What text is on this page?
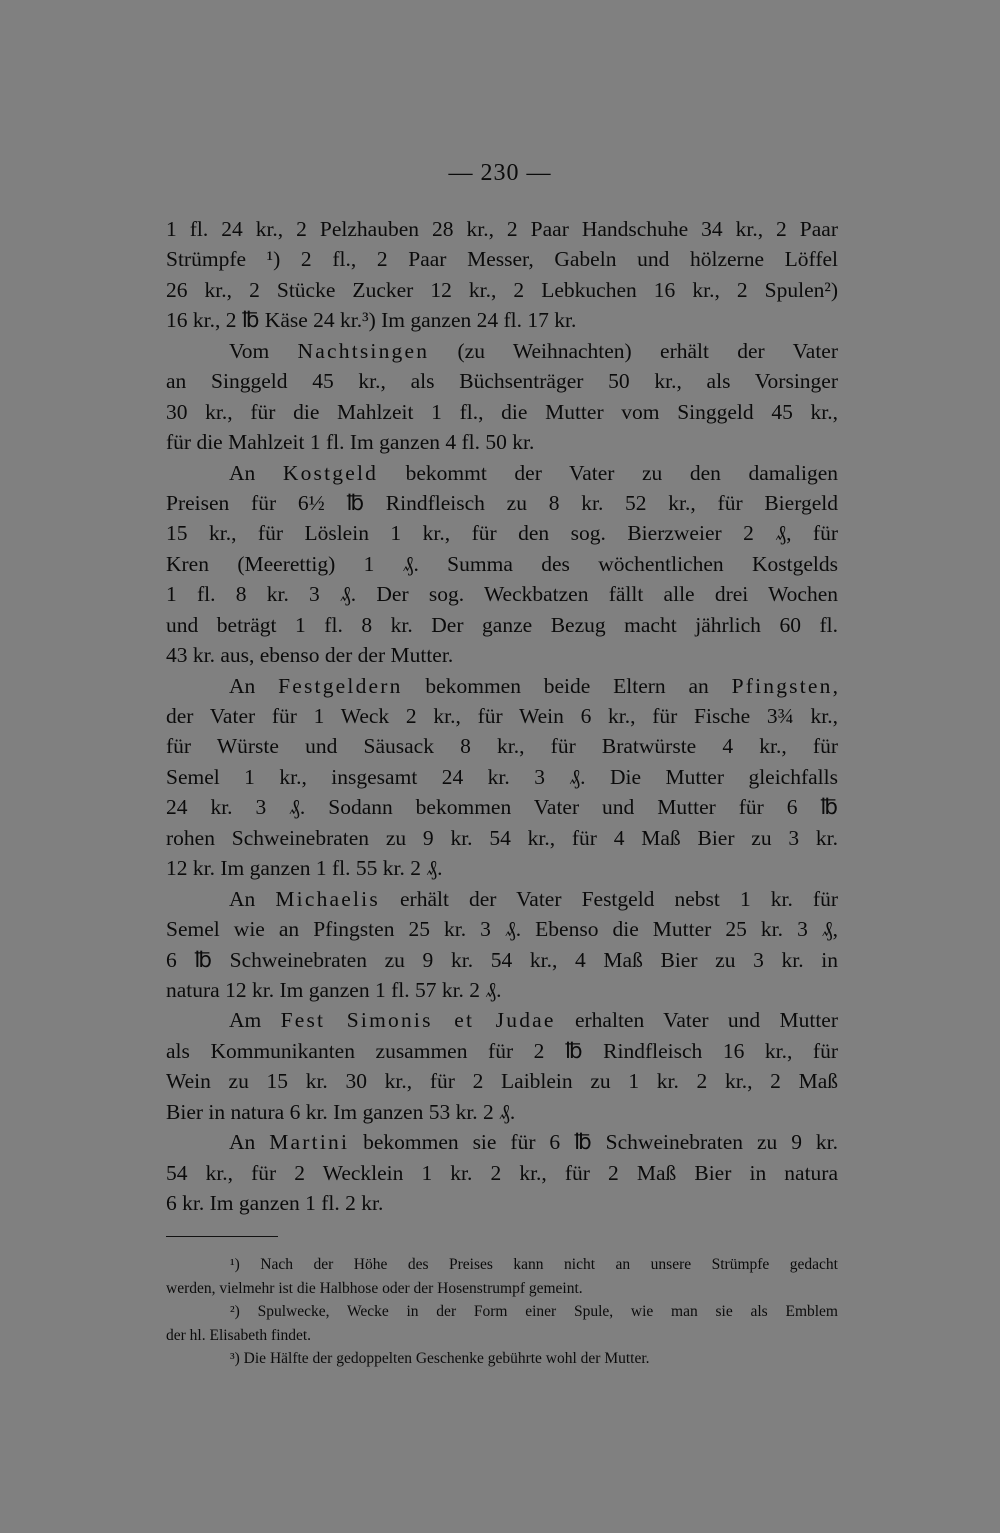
— 230 —
1 fl. 24 kr., 2 Pelzhauben 28 kr., 2 Paar Handschuhe 34 kr., 2 Paar
Strümpfe ¹) 2 fl., 2 Paar Messer, Gabeln und hölzerne Löffel
26 kr., 2 Stücke Zucker 12 kr., 2 Lebkuchen 16 kr., 2 Spulen²)
16 kr., 2 ℔ Käse 24 kr.³) Im ganzen 24 fl. 17 kr.
Vom Nachtsingen (zu Weihnachten) erhält der Vater
an Singgeld 45 kr., als Büchsenträger 50 kr., als Vorsinger
30 kr., für die Mahlzeit 1 fl., die Mutter vom Singgeld 45 kr.,
für die Mahlzeit 1 fl. Im ganzen 4 fl. 50 kr.
An Kostgeld bekommt der Vater zu den damaligen
Preisen für 6½ ℔ Rindfleisch zu 8 kr. 52 kr., für Biergeld
15 kr., für Löslein 1 kr., für den sog. Bierzweier 2 ₰, für
Kren (Meerettig) 1 ₰. Summa des wöchentlichen Kostgelds
1 fl. 8 kr. 3 ₰. Der sog. Weckbatzen fällt alle drei Wochen
und beträgt 1 fl. 8 kr. Der ganze Bezug macht jährlich 60 fl.
43 kr. aus, ebenso der der Mutter.
An Festgeldern bekommen beide Eltern an Pfingsten,
der Vater für 1 Weck 2 kr., für Wein 6 kr., für Fische 3¾ kr.,
für Würste und Säusack 8 kr., für Bratwürste 4 kr., für
Semel 1 kr., insgesamt 24 kr. 3 ₰. Die Mutter gleichfalls
24 kr. 3 ₰. Sodann bekommen Vater und Mutter für 6 ℔
rohen Schweinebraten zu 9 kr. 54 kr., für 4 Maß Bier zu 3 kr.
12 kr. Im ganzen 1 fl. 55 kr. 2 ₰.
An Michaelis erhält der Vater Festgeld nebst 1 kr. für
Semel wie an Pfingsten 25 kr. 3 ₰. Ebenso die Mutter 25 kr. 3 ₰,
6 ℔ Schweinebraten zu 9 kr. 54 kr., 4 Maß Bier zu 3 kr. in
natura 12 kr. Im ganzen 1 fl. 57 kr. 2 ₰.
Am Fest Simonis et Judae erhalten Vater und Mutter
als Kommunikanten zusammen für 2 ℔ Rindfleisch 16 kr., für
Wein zu 15 kr. 30 kr., für 2 Laiblein zu 1 kr. 2 kr., 2 Maß
Bier in natura 6 kr. Im ganzen 53 kr. 2 ₰.
An Martini bekommen sie für 6 ℔ Schweinebraten zu 9 kr.
54 kr., für 2 Wecklein 1 kr. 2 kr., für 2 Maß Bier in natura
6 kr. Im ganzen 1 fl. 2 kr.
¹) Nach der Höhe des Preises kann nicht an unsere Strümpfe gedacht
werden, vielmehr ist die Halbhose oder der Hosenstrumpf gemeint.
²) Spulwecke, Wecke in der Form einer Spule, wie man sie als Emblem
der hl. Elisabeth findet.
³) Die Hälfte der gedoppelten Geschenke gebührte wohl der Mutter.
